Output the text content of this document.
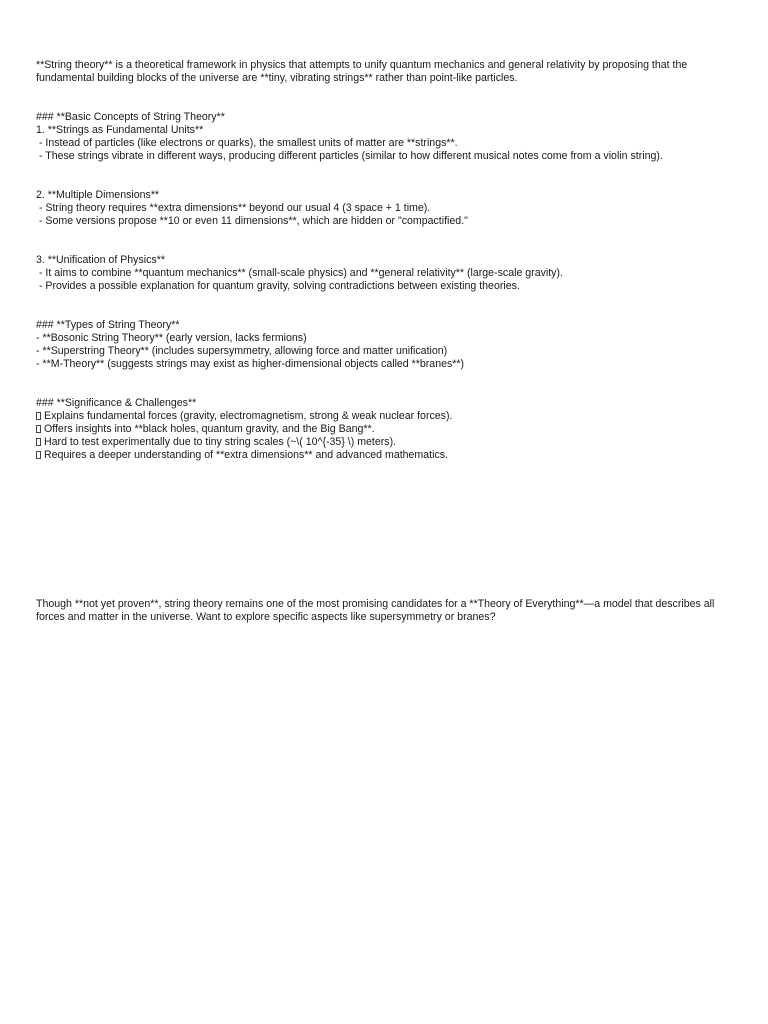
**String theory** is a theoretical framework in physics that attempts to unify quantum mechanics and general relativity by proposing that the fundamental building blocks of the universe are **tiny, vibrating strings** rather than point-like particles.
### **Basic Concepts of String Theory**
1. **Strings as Fundamental Units**
- Instead of particles (like electrons or quarks), the smallest units of matter are **strings**.
- These strings vibrate in different ways, producing different particles (similar to how different musical notes come from a violin string).
2. **Multiple Dimensions**
- String theory requires **extra dimensions** beyond our usual 4 (3 space + 1 time).
- Some versions propose **10 or even 11 dimensions**, which are hidden or "compactified."
3. **Unification of Physics**
- It aims to combine **quantum mechanics** (small-scale physics) and **general relativity** (large-scale gravity).
- Provides a possible explanation for quantum gravity, solving contradictions between existing theories.
### **Types of String Theory**
- **Bosonic String Theory** (early version, lacks fermions)
- **Superstring Theory** (includes supersymmetry, allowing force and matter unification)
- **M-Theory** (suggests strings may exist as higher-dimensional objects called **branes**)
### **Significance & Challenges**
Explains fundamental forces (gravity, electromagnetism, strong & weak nuclear forces).
Offers insights into **black holes, quantum gravity, and the Big Bang**.
Hard to test experimentally due to tiny string scales (~\( 10^{-35} \) meters).
Requires a deeper understanding of **extra dimensions** and advanced mathematics.
Though **not yet proven**, string theory remains one of the most promising candidates for a **Theory of Everything**—a model that describes all forces and matter in the universe. Want to explore specific aspects like supersymmetry or branes?
